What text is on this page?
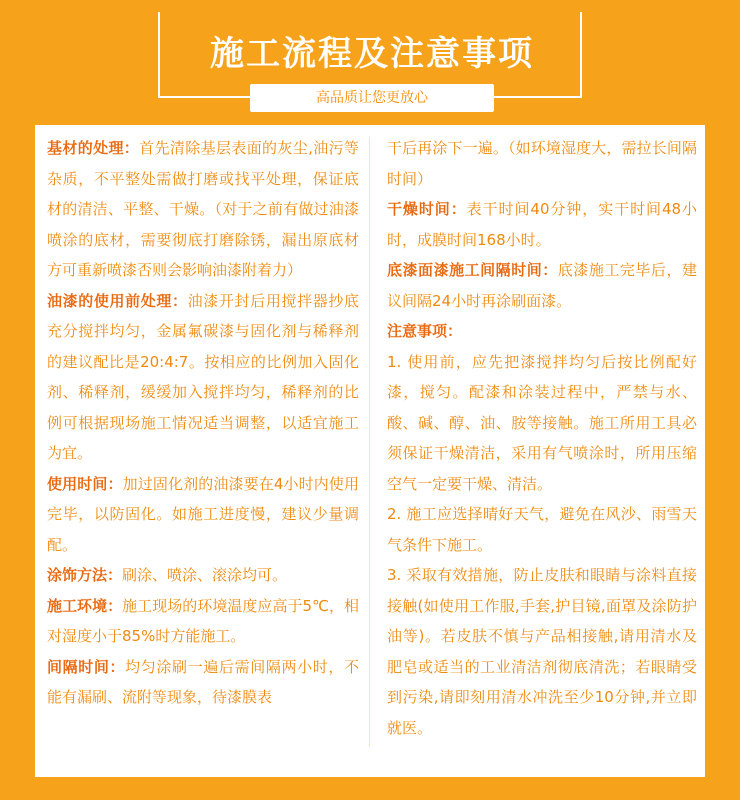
施工流程及注意事项
高品质让您更放心

基材的处理：首先清除基层表面的灰尘,油污等杂质，不平整处需做打磨或找平处理，保证底材的清洁、平整、干燥。（对于之前有做过油漆喷涂的底材，需要彻底打磨除锈，漏出原底材方可重新喷漆否则会影响油漆附着力）

油漆的使用前处理：油漆开封后用搅拌器抄底充分搅拌均匀，金属氟碳漆与固化剂与稀释剂的建议配比是20:4:7。按相应的比例加入固化剂、稀释剂，缓缓加入搅拌均匀，稀释剂的比例可根据现场施工情况适当调整，以适宜施工为宜。

使用时间：加过固化剂的油漆要在4小时内使用完毕，以防固化。如施工进度慢，建议少量调配。

涂饰方法：刷涂、喷涂、滚涂均可。

施工环境：施工现场的环境温度应高于5℃，相对湿度小于85%时方能施工。

间隔时间：均匀涂刷一遍后需间隔两小时，不能有漏刷、流附等现象，待漆膜表

干后再涂下一遍。（如环境湿度大，需拉长间隔时间）

干燥时间：表干时间40分钟，实干时间48小时，成膜时间168小时。

底漆面漆施工间隔时间：底漆施工完毕后，建议间隔24小时再涂刷面漆。

注意事项：

1. 使用前，应先把漆搅拌均匀后按比例配好漆，搅匀。配漆和涂装过程中，严禁与水、酸、碱、醇、油、胺等接触。施工所用工具必须保证干燥清洁，采用有气喷涂时，所用压缩空气一定要干燥、清洁。

2. 施工应选择晴好天气，避免在风沙、雨雪天气条件下施工。

3. 采取有效措施，防止皮肤和眼睛与涂料直接接触(如使用工作服,手套,护目镜,面罩及涂防护油等)。若皮肤不慎与产品相接触,请用清水及肥皂或适当的工业清洁剂彻底清洗；若眼睛受到污染,请即刻用清水冲洗至少10分钟,并立即就医。
